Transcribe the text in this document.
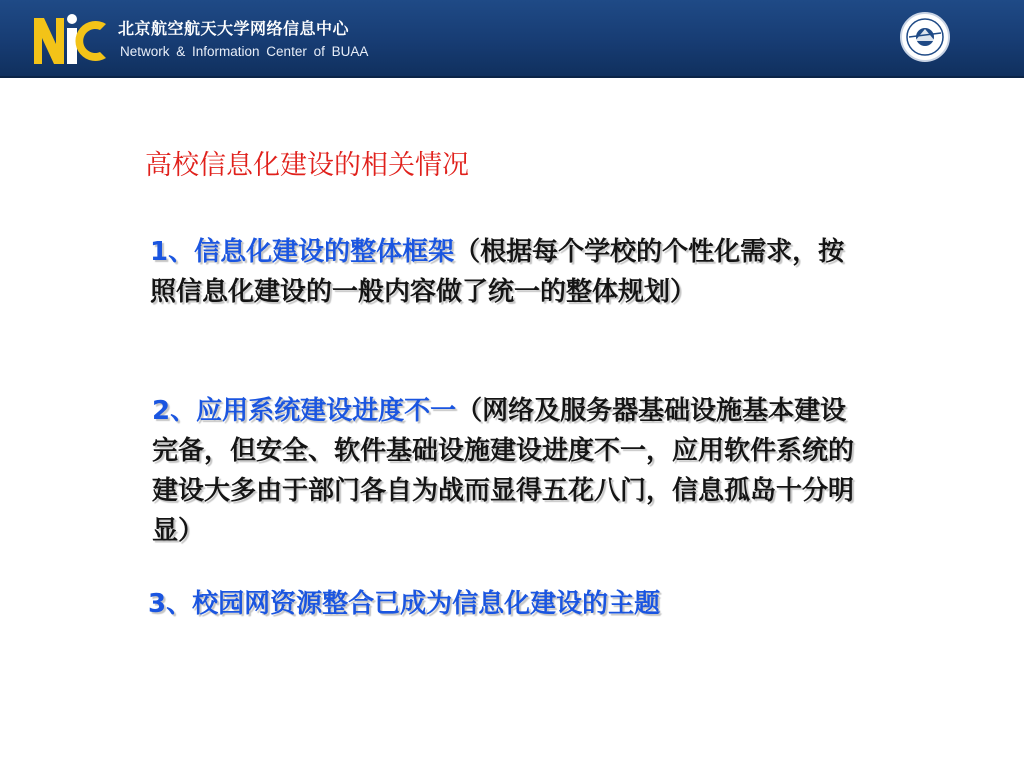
北京航空航天大学网络信息中心
Network & Information Center of BUAA
高校信息化建设的相关情况
1、信息化建设的整体框架（根据每个学校的个性化需求，按照信息化建设的一般内容做了统一的整体规划）
2、应用系统建设进度不一（网络及服务器基础设施基本建设完备，但安全、软件基础设施建设进度不一，应用软件系统的建设大多由于部门各自为战而显得五花八门，信息孤岛十分明显）
3、校园网资源整合已成为信息化建设的主题
